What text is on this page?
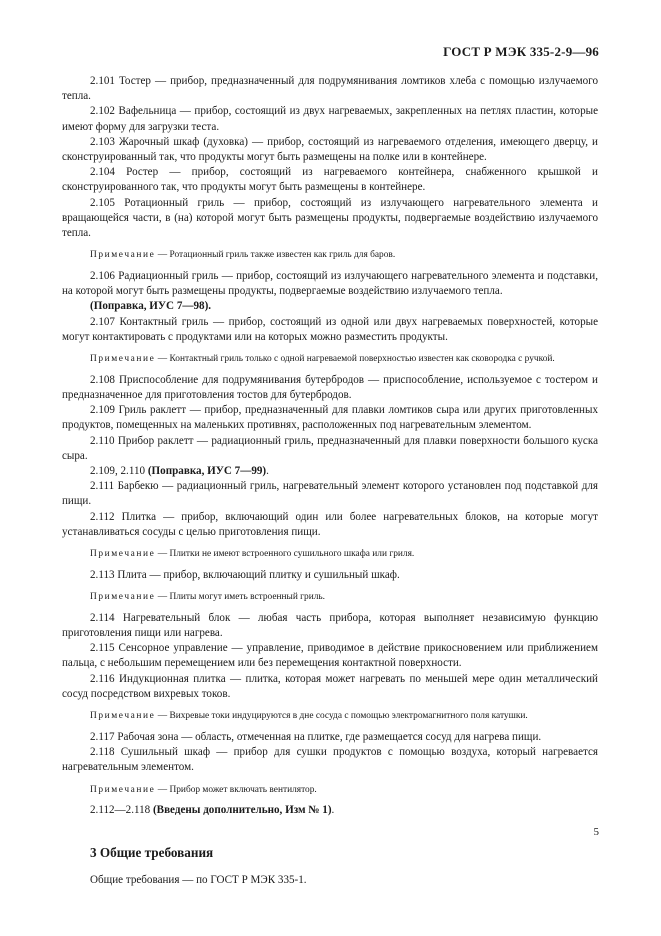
ГОСТ Р МЭК 335-2-9—96

2.101 Тостер — прибор, предназначенный для подрумянивания ломтиков хлеба с помощью излучаемого тепла.

2.102 Вафельница — прибор, состоящий из двух нагреваемых, закрепленных на петлях пластин, которые имеют форму для загрузки теста.

2.103 Жарочный шкаф (духовка) — прибор, состоящий из нагреваемого отделения, имеющего дверцу, и сконструированный так, что продукты могут быть размещены на полке или в контейнере.

2.104 Ростер — прибор, состоящий из нагреваемого контейнера, снабженного крышкой и сконструированного так, что продукты могут быть размещены в контейнере.

2.105 Ротационный гриль — прибор, состоящий из излучающего нагревательного элемента и вращающейся части, в (на) которой могут быть размещены продукты, подвергаемые воздействию излучаемого тепла.

Примечание — Ротационный гриль также известен как гриль для баров.

2.106 Радиационный гриль — прибор, состоящий из излучающего нагревательного элемента и подставки, на которой могут быть размещены продукты, подвергаемые воздействию излучаемого тепла.

(Поправка, ИУС 7—98).

2.107 Контактный гриль — прибор, состоящий из одной или двух нагреваемых поверхностей, которые могут контактировать с продуктами или на которых можно разместить продукты.

Примечание — Контактный гриль только с одной нагреваемой поверхностью известен как сковородка с ручкой.

2.108 Приспособление для подрумянивания бутербродов — приспособление, используемое с тостером и предназначенное для приготовления тостов для бутербродов.

2.109 Гриль раклетт — прибор, предназначенный для плавки ломтиков сыра или других приготовленных продуктов, помещенных на маленьких противнях, расположенных под нагревательным элементом.

2.110 Прибор раклетт — радиационный гриль, предназначенный для плавки поверхности большого куска сыра.

2.109, 2.110 (Поправка, ИУС 7—99).

2.111 Барбекю — радиационный гриль, нагревательный элемент которого установлен под подставкой для пищи.

2.112 Плитка — прибор, включающий один или более нагревательных блоков, на которые могут устанавливаться сосуды с целью приготовления пищи.

Примечание — Плитки не имеют встроенного сушильного шкафа или гриля.

2.113 Плита — прибор, включающий плитку и сушильный шкаф.

Примечание — Плиты могут иметь встроенный гриль.

2.114 Нагревательный блок — любая часть прибора, которая выполняет независимую функцию приготовления пищи или нагрева.

2.115 Сенсорное управление — управление, приводимое в действие прикосновением или приближением пальца, с небольшим перемещением или без перемещения контактной поверхности.

2.116 Индукционная плитка — плитка, которая может нагревать по меньшей мере один металлический сосуд посредством вихревых токов.

Примечание — Вихревые токи индуцируются в дне сосуда с помощью электромагнитного поля катушки.

2.117 Рабочая зона — область, отмеченная на плитке, где размещается сосуд для нагрева пищи.

2.118 Сушильный шкаф — прибор для сушки продуктов с помощью воздуха, который нагревается нагревательным элементом.

Примечание — Прибор может включать вентилятор.

2.112—2.118 (Введены дополнительно, Изм № 1).

3 Общие требования

Общие требования — по ГОСТ Р МЭК 335-1.

5
